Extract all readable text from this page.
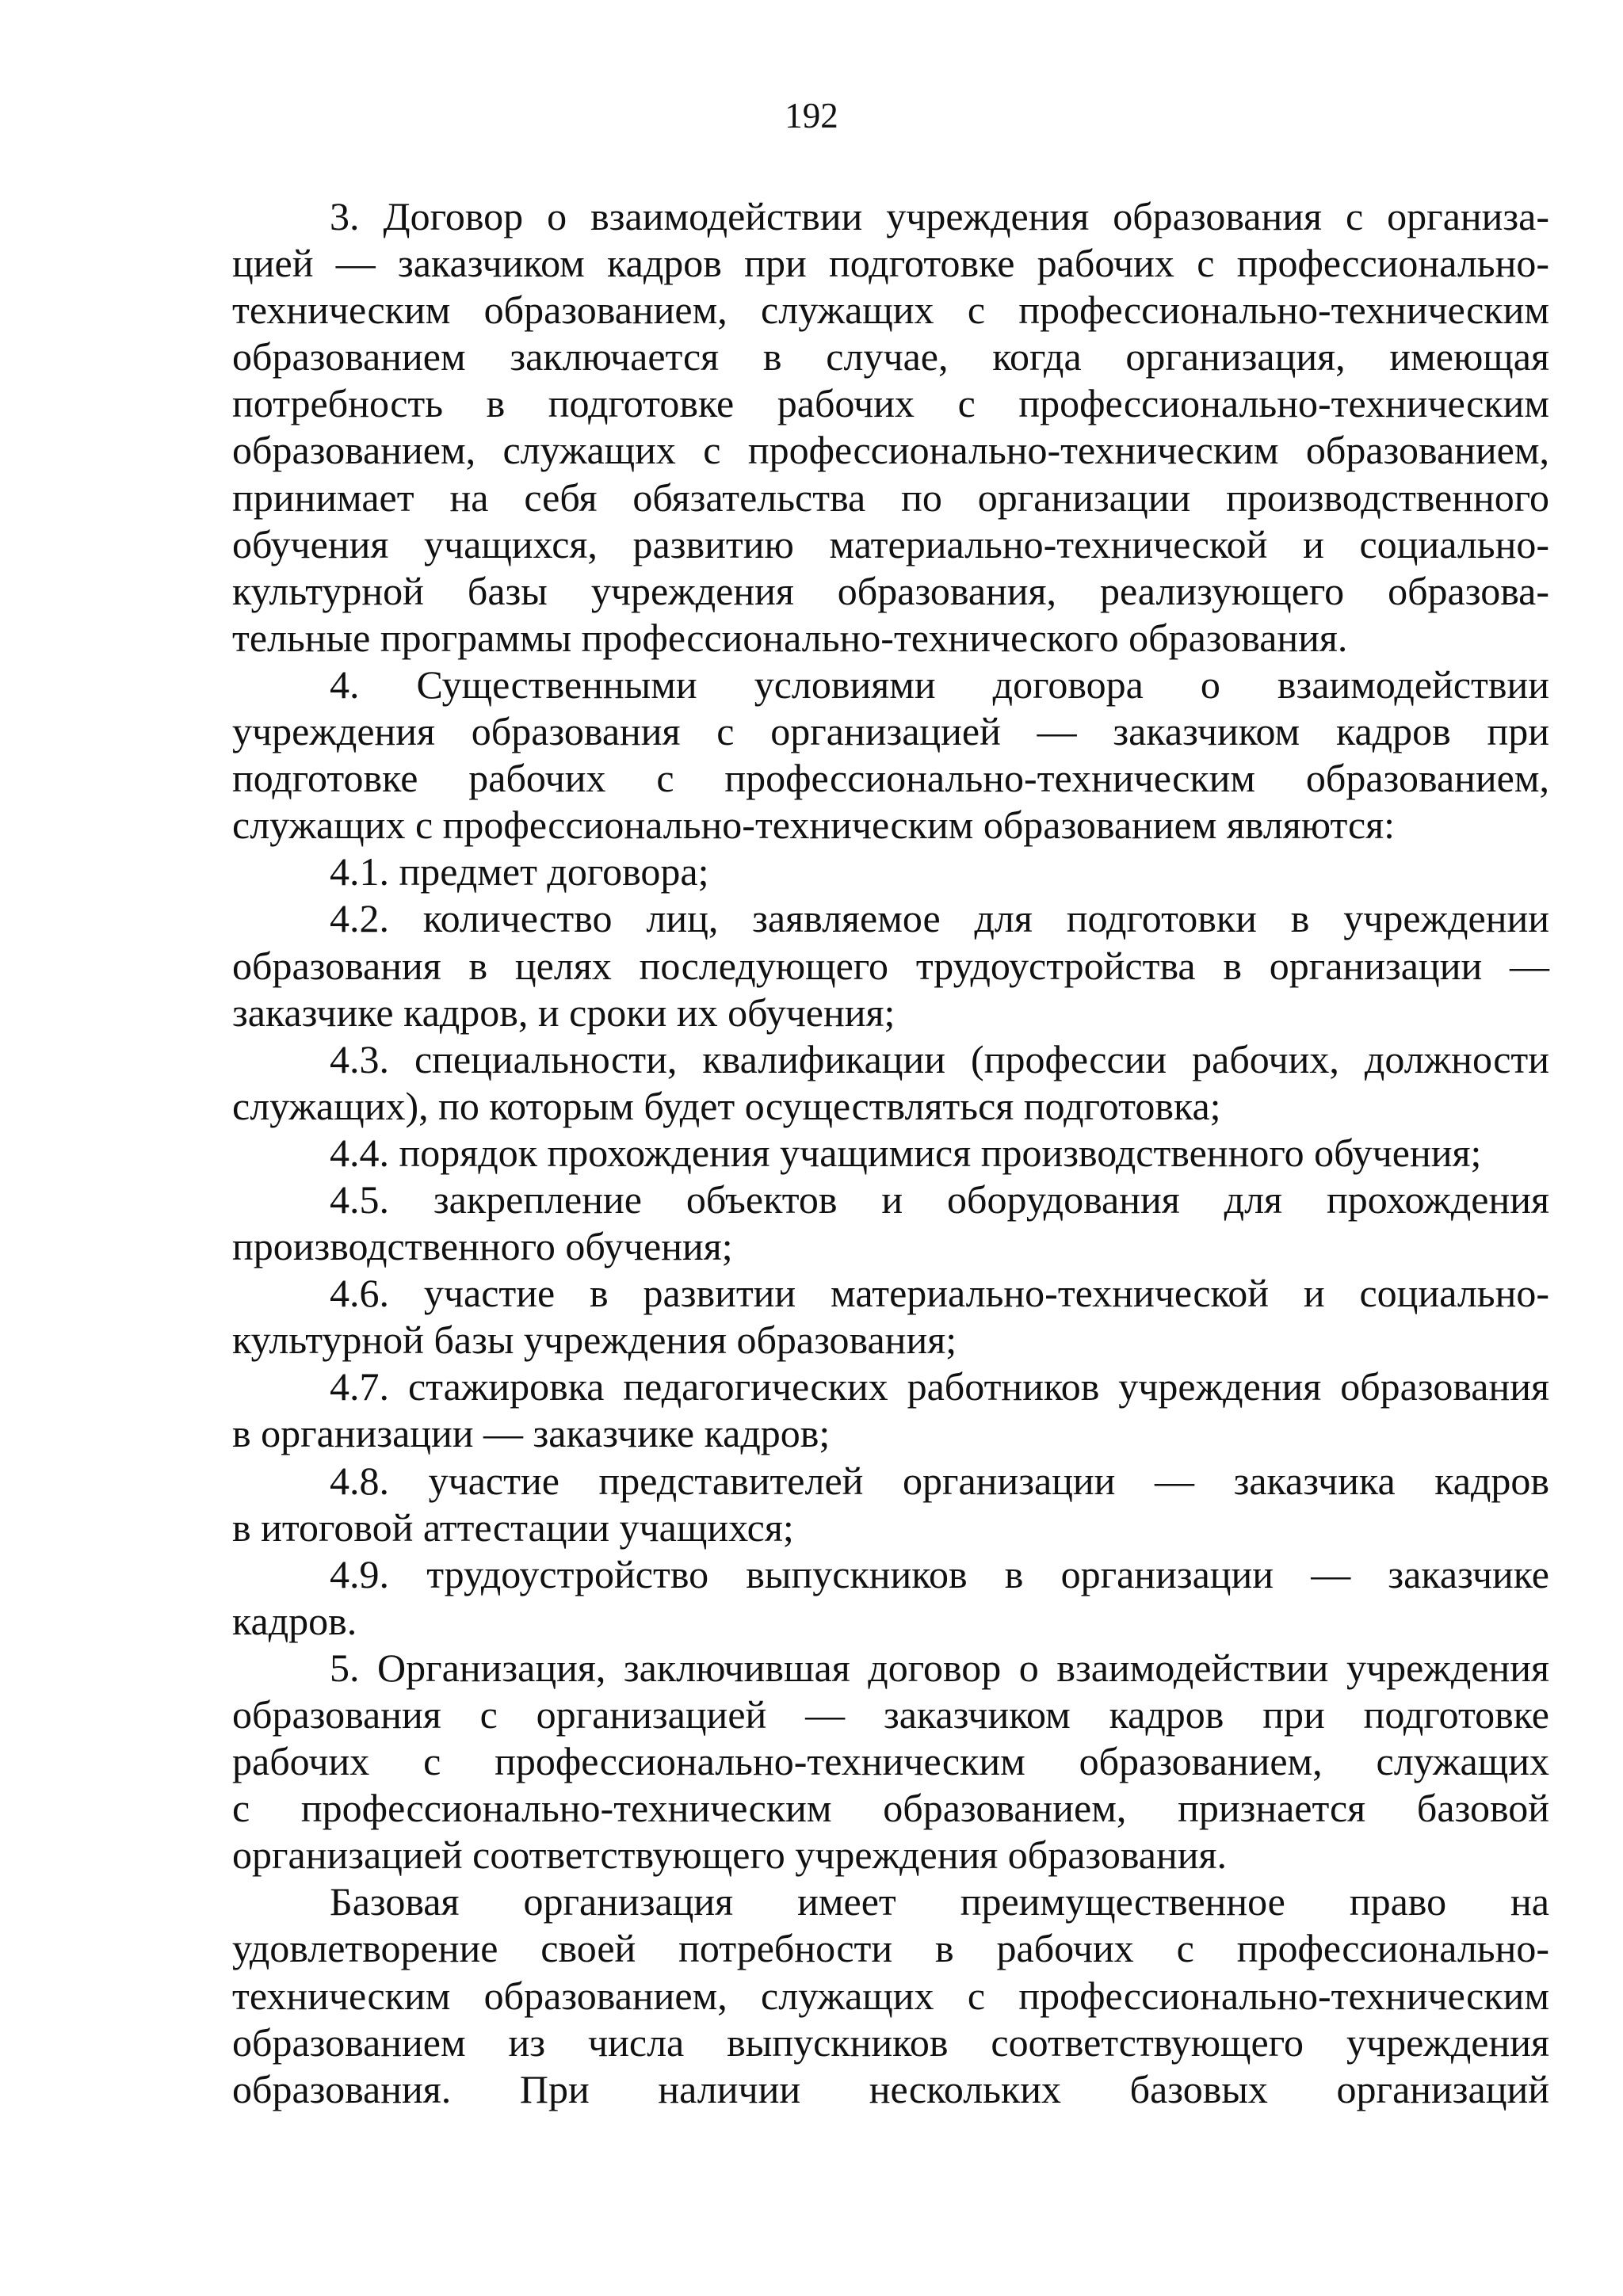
192
3. Договор о взаимодействии учреждения образования с организа-
цией — заказчиком кадров при подготовке рабочих с профессионально-
техническим образованием, служащих с профессионально-техническим
образованием заключается в случае, когда организация, имеющая
потребность в подготовке рабочих с профессионально-техническим
образованием, служащих с профессионально-техническим образованием,
принимает на себя обязательства по организации производственного
обучения учащихся, развитию материально-технической и социально-
культурной базы учреждения образования, реализующего образова-
тельные программы профессионально-технического образования.
4. Существенными условиями договора о взаимодействии
учреждения образования с организацией — заказчиком кадров при
подготовке рабочих с профессионально-техническим образованием,
служащих с профессионально-техническим образованием являются:
4.1. предмет договора;
4.2. количество лиц, заявляемое для подготовки в учреждении
образования в целях последующего трудоустройства в организации —
заказчике кадров, и сроки их обучения;
4.3. специальности, квалификации (профессии рабочих, должности
служащих), по которым будет осуществляться подготовка;
4.4. порядок прохождения учащимися производственного обучения;
4.5. закрепление объектов и оборудования для прохождения
производственного обучения;
4.6. участие в развитии материально-технической и социально-
культурной базы учреждения образования;
4.7. стажировка педагогических работников учреждения образования
в организации — заказчике кадров;
4.8. участие представителей организации — заказчика кадров
в итоговой аттестации учащихся;
4.9. трудоустройство выпускников в организации — заказчике
кадров.
5. Организация, заключившая договор о взаимодействии учреждения
образования с организацией — заказчиком кадров при подготовке
рабочих с профессионально-техническим образованием, служащих
с профессионально-техническим образованием, признается базовой
организацией соответствующего учреждения образования.
Базовая организация имеет преимущественное право на
удовлетворение своей потребности в рабочих с профессионально-
техническим образованием, служащих с профессионально-техническим
образованием из числа выпускников соответствующего учреждения
образования. При наличии нескольких базовых организаций
